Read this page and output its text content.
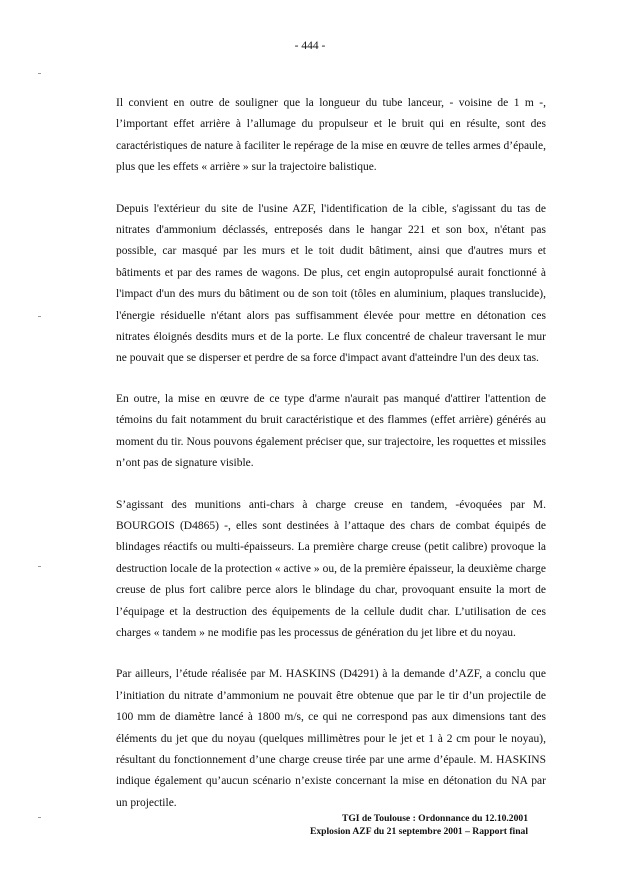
- 444 -

Il convient en outre de souligner que la longueur du tube lanceur, - voisine de 1 m -, l’important effet arrière à l’allumage du propulseur et le bruit qui en résulte, sont des caractéristiques de nature à faciliter le repérage de la mise en œuvre de telles armes d’épaule, plus que les effets « arrière » sur la trajectoire balistique.

Depuis l'extérieur du site de l'usine AZF, l'identification de la cible, s'agissant du tas de nitrates d'ammonium déclassés, entreposés dans le hangar 221 et son box, n'étant pas possible, car masqué par les murs et le toit dudit bâtiment, ainsi que d'autres murs et bâtiments et par des rames de wagons. De plus, cet engin autopropulsé aurait fonctionné à l'impact d'un des murs du bâtiment ou de son toit (tôles en aluminium, plaques translucide), l'énergie résiduelle n'étant alors pas suffisamment élevée pour mettre en détonation ces nitrates éloignés desdits murs et de la porte. Le flux concentré de chaleur traversant le mur ne pouvait que se disperser et perdre de sa force d'impact avant d'atteindre l'un des deux tas.

En outre, la mise en œuvre de ce type d'arme n'aurait pas manqué d'attirer l'attention de témoins du fait notamment du bruit caractéristique et des flammes (effet arrière) générés au moment du tir. Nous pouvons également préciser que, sur trajectoire, les roquettes et missiles n’ont pas de signature visible.

S’agissant des munitions anti-chars à charge creuse en tandem, -évoquées par M. BOURGOIS (D4865) -, elles sont destinées à l’attaque des chars de combat équipés de blindages réactifs ou multi-épaisseurs. La première charge creuse (petit calibre) provoque la destruction locale de la protection « active » ou, de la première épaisseur, la deuxième charge creuse de plus fort calibre perce alors le blindage du char, provoquant ensuite la mort de l’équipage et la destruction des équipements de la cellule dudit char. L’utilisation de ces charges « tandem » ne modifie pas les processus de génération du jet libre et du noyau.

Par ailleurs, l’étude réalisée par M. HASKINS (D4291) à la demande d’AZF, a conclu que l’initiation du nitrate d’ammonium ne pouvait être obtenue que par le tir d’un projectile de 100 mm de diamètre lancé à 1800 m/s, ce qui ne correspond pas aux dimensions tant des éléments du jet que du noyau (quelques millimètres pour le jet et 1 à 2 cm pour le noyau), résultant du fonctionnement d’une charge creuse tirée par une arme d’épaule. M. HASKINS indique également qu’aucun scénario n’existe concernant la mise en détonation du NA par un projectile.

TGI de Toulouse : Ordonnance du 12.10.2001
Explosion AZF du 21 septembre 2001 – Rapport final
